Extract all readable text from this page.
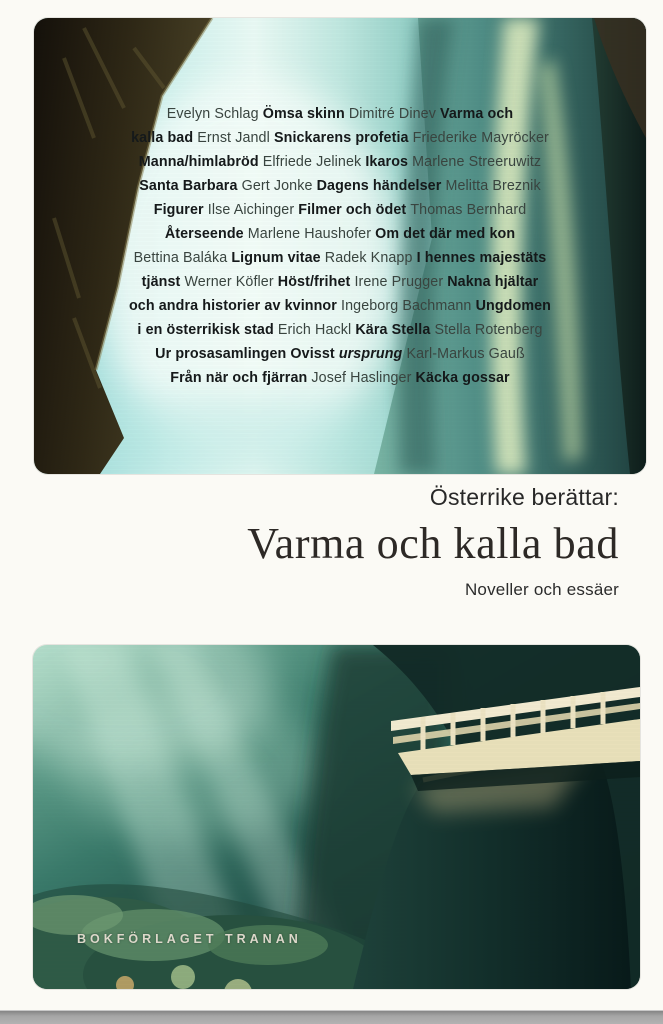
Evelyn Schlag Ömsa skinn Dimitré Dinev Varma och
kalla bad Ernst Jandl Snickarens profetia Friederike Mayröcker
Manna/himlabröd Elfriede Jelinek Ikaros Marlene Streeruwitz
Santa Barbara Gert Jonke Dagens händelser Melitta Breznik
Figurer Ilse Aichinger Filmer och ödet Thomas Bernhard
Återseende Marlene Haushofer Om det där med kon
Bettina Baláka Lignum vitae Radek Knapp I hennes majestäts
tjänst Werner Köfler Höst/frihet Irene Prugger Nakna hjältar
och andra historier av kvinnor Ingeborg Bachmann Ungdomen
i en österrikisk stad Erich Hackl Kära Stella Stella Rotenberg
Ur prosasamlingen Ovisst ursprung Karl-Markus Gauß
Från när och fjärran Josef Haslinger Käcka gossar
Österrike berättar:
Varma och kalla bad
Noveller och essäer
BOKFÖRLAGET TRANAN
